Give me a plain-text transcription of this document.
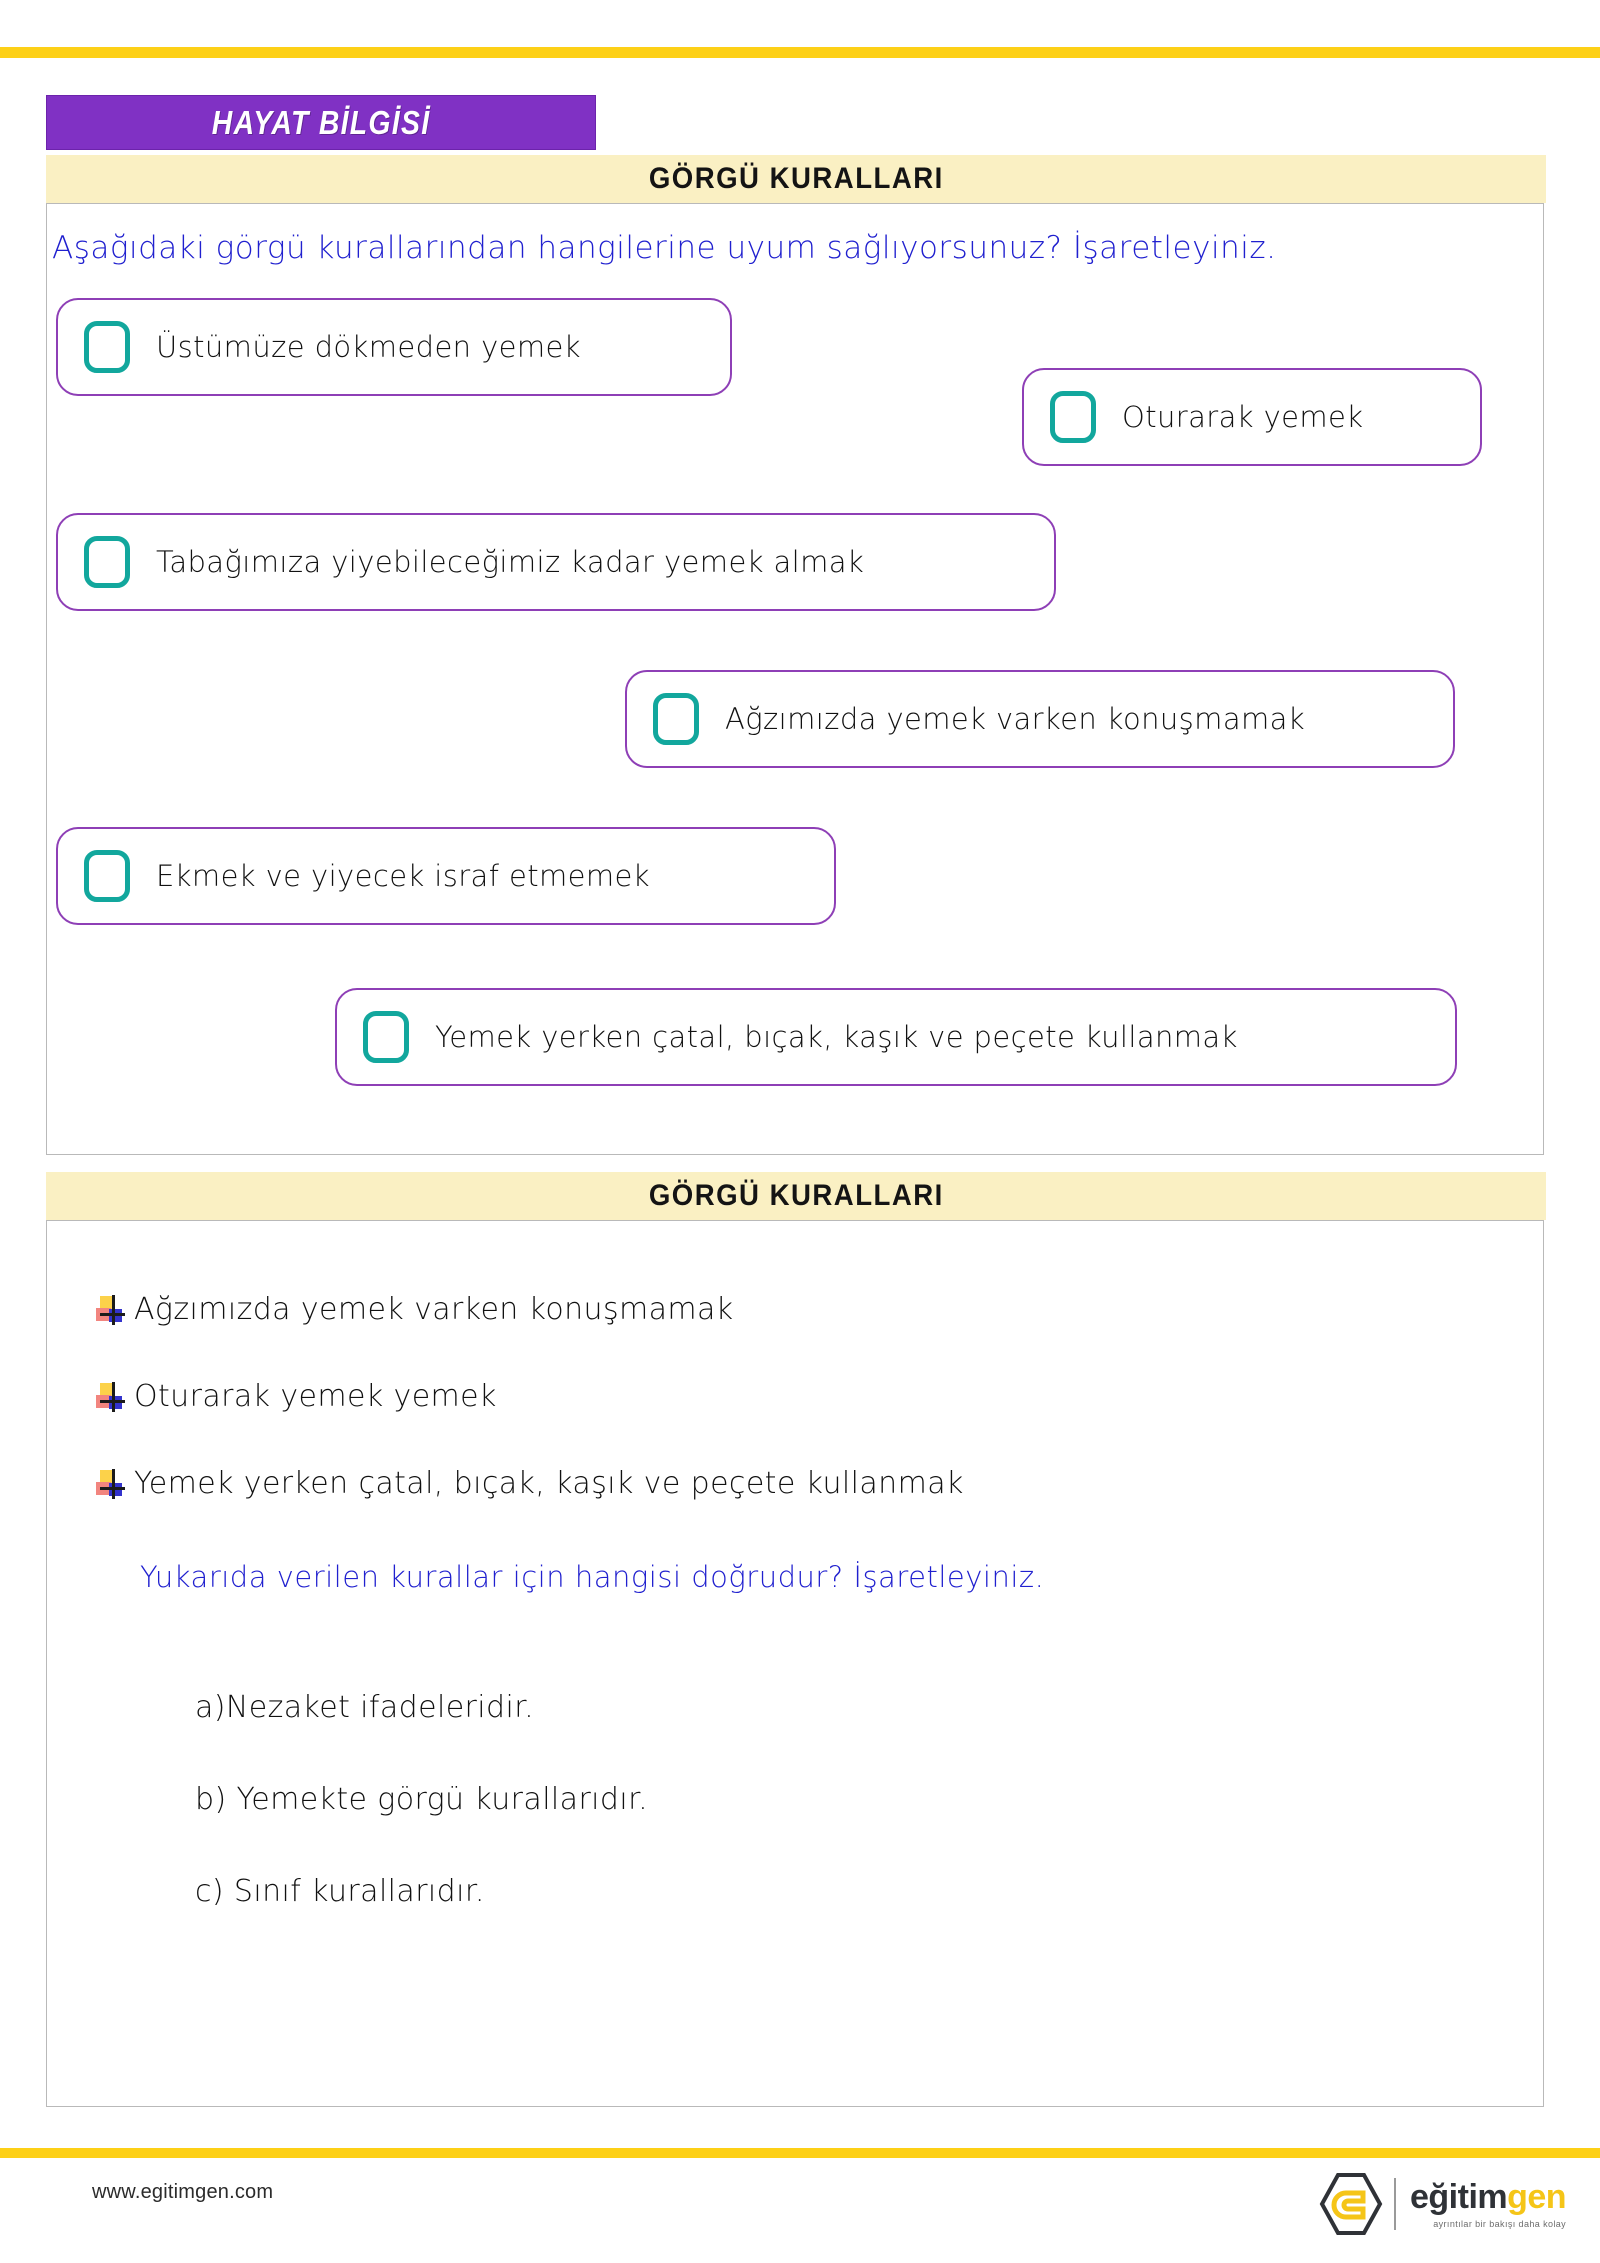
HAYAT BİLGİSİ
GÖRGÜ KURALLARI
Aşağıdaki görgü kurallarından hangilerine uyum sağlıyorsunuz? İşaretleyiniz.
Üstümüze dökmeden yemek
Oturarak yemek
Tabağımıza yiyebileceğimiz kadar yemek almak
Ağzımızda yemek varken konuşmamak
Ekmek ve yiyecek israf etmemek
Yemek yerken çatal, bıçak, kaşık ve peçete kullanmak
GÖRGÜ KURALLARI
Ağzımızda yemek varken konuşmamak
Oturarak yemek yemek
Yemek yerken çatal, bıçak, kaşık ve peçete kullanmak
Yukarıda verilen kurallar için hangisi doğrudur? İşaretleyiniz.
a)Nezaket ifadeleridir.
b) Yemekte görgü kurallarıdır.
c) Sınıf kurallarıdır.
www.egitimgen.com	eğitimgen
ayrıntılar bir bakışı daha kolay
